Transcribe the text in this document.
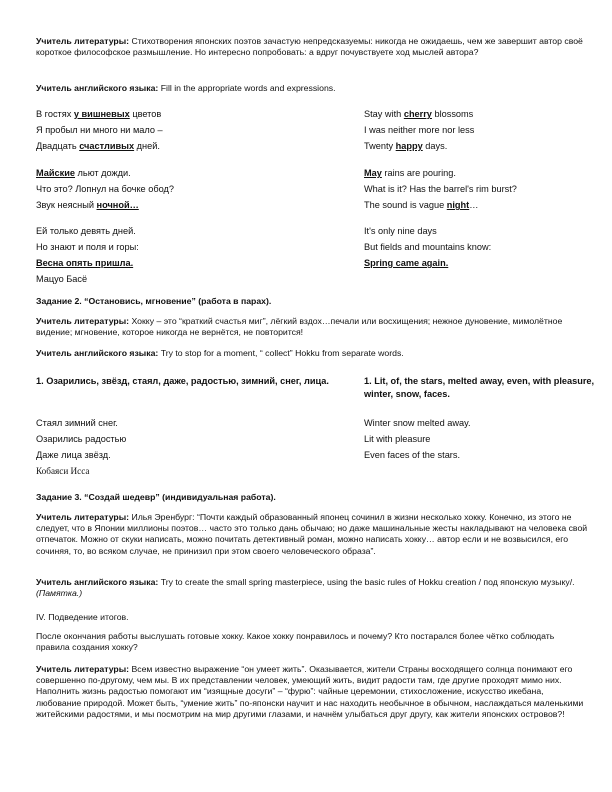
Учитель литературы: Стихотворения японских поэтов зачастую непредсказуемы: никогда не ожидаешь, чем же завершит автор своё короткое философское размышление. Но интересно попробовать: а вдруг почувствуете ход мыслей автора?

Учитель английского языка: Fill in the appropriate words and expressions.

В гостях у вишневых цветов
Я пробыл ни много ни мало –
Двадцать счастливых дней.
Майские льют дожди.
Что это? Лопнул на бочке обод?
Звук неясный ночной…
Ей только девять дней.
Но знают и поля и горы:
Весна опять пришла.
Мацуо Басё
Stay with cherry blossoms
I was neither more nor less
Twenty happy days.
May rains are pouring.
What is it? Has the barrel's rim burst?
The sound is vague night…
It's only nine days
But fields and mountains know:
Spring came again.

Задание 2. “Остановись, мгновение” (работа в парах).

Учитель литературы: Хокку – это “краткий счастья миг”, лёгкий вздох…печали или восхищения; нежное дуновение, мимолётное видение; мгновение, которое никогда не вернётся, не повторится!

Учитель английского языка: Try to stop for a moment, “ collect” Hokku from separate words.

1. Озарились, звёзд, стаял, даже, радостью, зимний, снег, лица.	1. Lit, of, the stars, melted away, even, with pleasure, winter, snow, faces.
Стаял зимний снег.
Озарились радостью
Даже лица звёзд.
Кобаяси Исса
Winter snow melted away.
Lit with pleasure
Even faces of the stars.

Задание 3. “Создай шедевр” (индивидуальная работа).

Учитель литературы: Илья Эренбург: “Почти каждый образованный японец сочинил в жизни несколько хокку. Конечно, из этого не следует, что в Японии миллионы поэтов… часто это только дань обычаю; но даже машинальные жесты накладывают на человека свой отпечаток. Можно от скуки написать, можно почитать детективный роман, можно написать хокку… автор если и не возвысился, его сочиняя, то, во всяком случае, не принизил при этом своего человеческого образа”.

Учитель английского языка: Try to create the small spring masterpiece, using the basic rules of Hokku creation / под японскую музыку/. (Памятка.)

IV. Подведение итогов.

После окончания работы выслушать готовые хокку. Какое хокку понравилось и почему? Кто постарался более чётко соблюдать правила создания хокку?

Учитель литературы: Всем известно выражение “он умеет жить”. Оказывается, жители Страны восходящего солнца понимают его совершенно по-другому, чем мы. В их представлении человек, умеющий жить, видит радости там, где другие проходят мимо них. Наполнить жизнь радостью помогают им “изящные досуги” – “фурю”: чайные церемонии, стихосложение, искусство икебана, любование природой. Может быть, “умение жить” по-японски научит и нас находить необычное в обычном, наслаждаться маленькими житейскими радостями, и мы посмотрим на мир другими глазами, и начнём улыбаться друг другу, как жители японских островов?!
